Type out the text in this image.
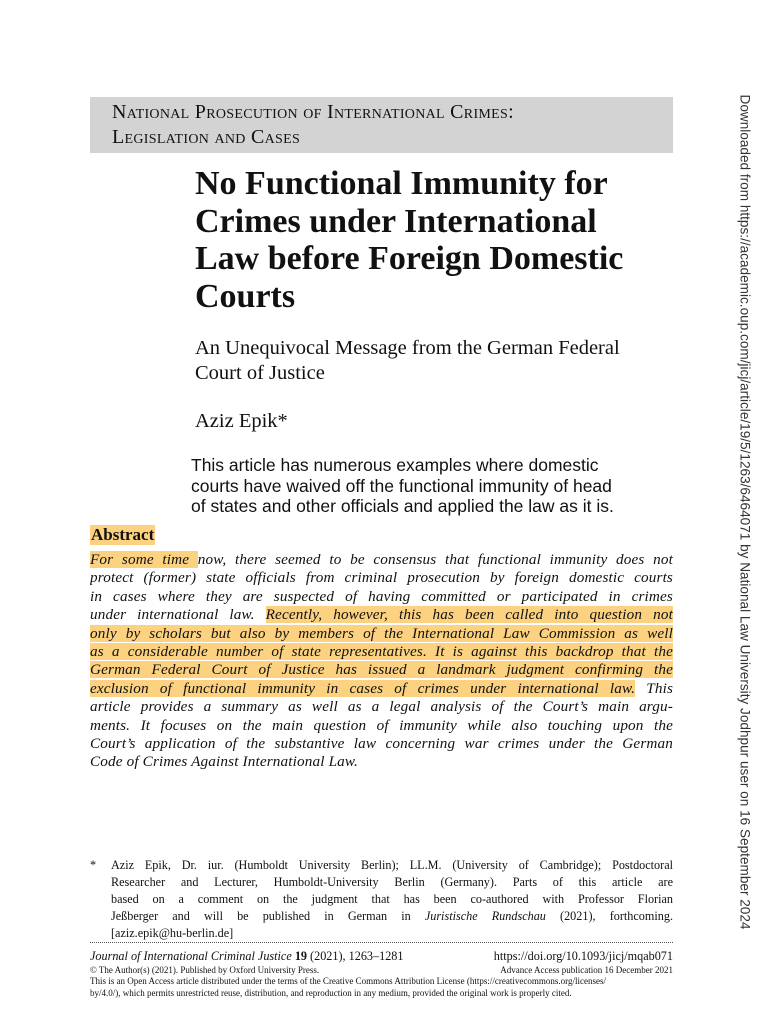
National Prosecution of International Crimes:
Legislation and Cases
No Functional Immunity for
Crimes under International
Law before Foreign Domestic
Courts
An Unequivocal Message from the German Federal
Court of Justice
Aziz Epik*
This article has numerous examples where domestic
courts have waived off the functional immunity of head
of states and other officials and applied the law as it is.
Abstract
For some time now, there seemed to be consensus that functional immunity does not
protect (former) state officials from criminal prosecution by foreign domestic courts
in cases where they are suspected of having committed or participated in crimes
under international law. Recently, however, this has been called into question not
only by scholars but also by members of the International Law Commission as well
as a considerable number of state representatives. It is against this backdrop that the
German Federal Court of Justice has issued a landmark judgment confirming the
exclusion of functional immunity in cases of crimes under international law. This
article provides a summary as well as a legal analysis of the Court’s main argu-
ments. It focuses on the main question of immunity while also touching upon the
Court’s application of the substantive law concerning war crimes under the German
Code of Crimes Against International Law.
* Aziz Epik, Dr. iur. (Humboldt University Berlin); LL.M. (University of Cambridge); Postdoctoral
Researcher and Lecturer, Humboldt-University Berlin (Germany). Parts of this article are
based on a comment on the judgment that has been co-authored with Professor Florian
Jeßberger and will be published in German in Juristische Rundschau (2021), forthcoming.
[aziz.epik@hu-berlin.de]
Journal of International Criminal Justice 19 (2021), 1263–1281	https://doi.org/10.1093/jicj/mqab071
© The Author(s) (2021). Published by Oxford University Press.	Advance Access publication 16 December 2021
This is an Open Access article distributed under the terms of the Creative Commons Attribution License (https://creativecommons.org/licenses/
by/4.0/), which permits unrestricted reuse, distribution, and reproduction in any medium, provided the original work is properly cited.
Downloaded from https://academic.oup.com/jicj/article/19/5/1263/6464071 by National Law University Jodhpur user on 16 September 2024
